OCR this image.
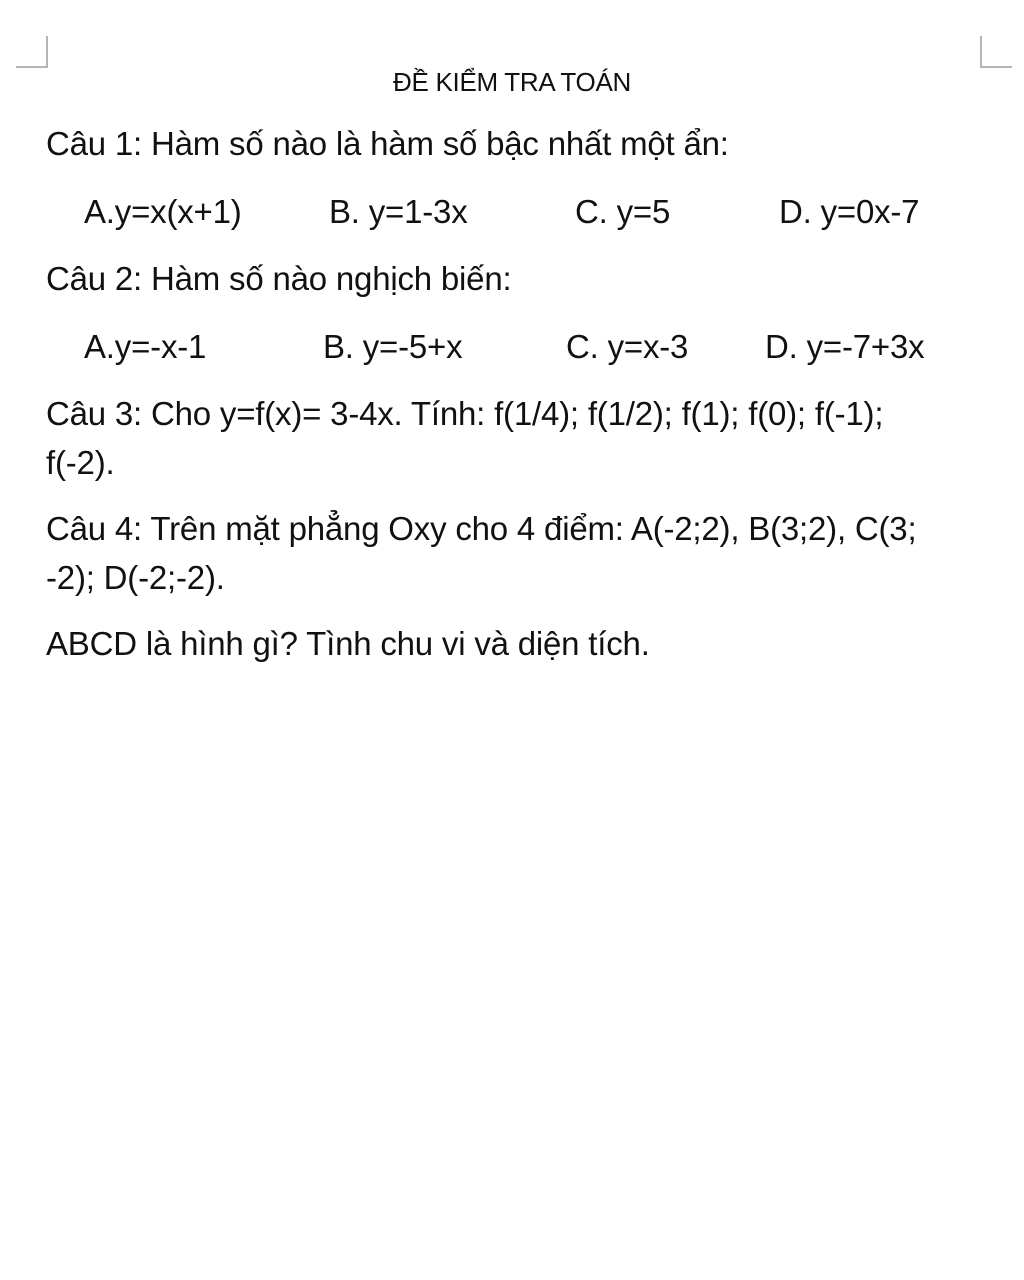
ĐỀ KIỂM TRA TOÁN
Câu 1: Hàm số nào là hàm số bậc nhất một ẩn:
A.y=x(x+1)	B. y=1-3x	C. y=5	D. y=0x-7
Câu 2: Hàm số nào nghịch biến:
A.y=-x-1	B. y=-5+x	C. y=x-3 D. y=-7+3x
Câu 3: Cho y=f(x)= 3-4x. Tính: f(1/4); f(1/2); f(1); f(0); f(-1);
f(-2).
Câu 4: Trên mặt phẳng Oxy cho 4 điểm: A(-2;2), B(3;2), C(3;
-2); D(-2;-2).
ABCD là hình gì? Tình chu vi và diện tích.
